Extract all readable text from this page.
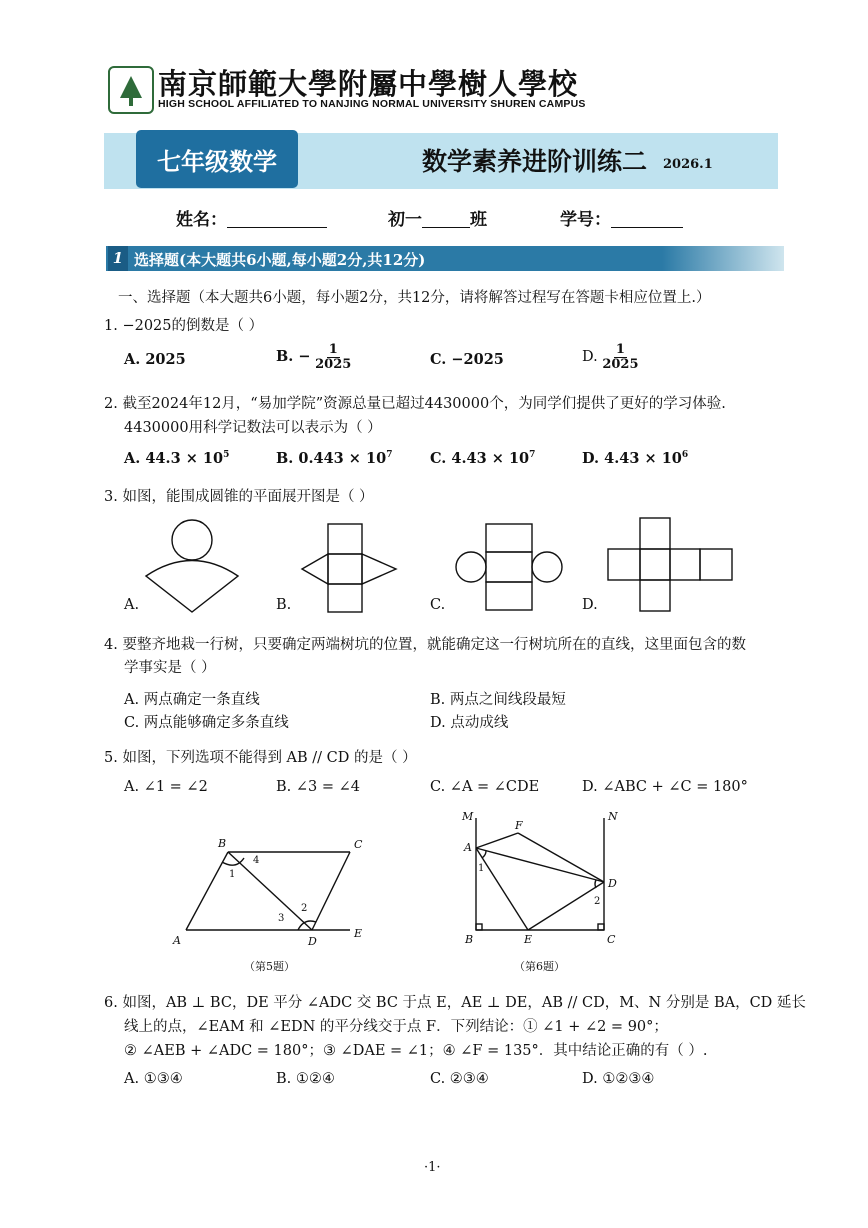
南京師範大學附屬中學樹人學校
HIGH SCHOOL AFFILIATED TO NANJING NORMAL UNIVERSITY SHUREN CAMPUS
七年级数学	数学素养进阶训练二 2026.1
姓名：	初一	班	学号：
1 选择题(本大题共6小题,每小题2分,共12分)
一、选择题（本大题共6小题，每小题2分，共12分，请将解答过程写在答题卡相应位置上.）
1. −2025的倒数是（ ）
A. 2025	B. − $\frac{1}{2025}$	C. −2025	D. $\frac{1}{2025}$
2. 截至2024年12月，“易加学院”资源总量已超过4430000个，为同学们提供了更好的学习体验.
4430000用科学记数法可以表示为（ ）
A. $44.3 \times 10^5$	B. $0.443 \times 10^7$	C. $4.43 \times 10^7$	D. $4.43 \times 10^6$
3. 如图，能围成圆锥的平面展开图是（ ）
A.	B.	C.	D.
4. 要整齐地栽一行树，只要确定两端树坑的位置，就能确定这一行树坑所在的直线，这里面包含的数
学事实是（ ）
A. 两点确定一条直线	B. 两点之间线段最短
C. 两点能够确定多条直线	D. 点动成线
5. 如图，下列选项不能得到 AB // CD 的是（ ）
A. ∠1 = ∠2	B. ∠3 = ∠4	C. ∠A = ∠CDE	D. ∠ABC + ∠C = 180°
B	C
A	D
E
1
4
3
2
（第5题）
M	N
F
A
D
B	E	C
1
2
（第6题）
6. 如图，AB ⊥ BC，DE 平分 ∠ADC 交 BC 于点 E，AE ⊥ DE，AB // CD，M、N 分别是 BA，CD 延长
线上的点，∠EAM 和 ∠EDN 的平分线交于点 F．下列结论：① ∠1 + ∠2 = 90°；
② ∠AEB + ∠ADC = 180°；③ ∠DAE = ∠1；④ ∠F = 135°．其中结论正确的有（ ）.
A. ①③④	B. ①②④	C. ②③④	D. ①②③④
·1·
